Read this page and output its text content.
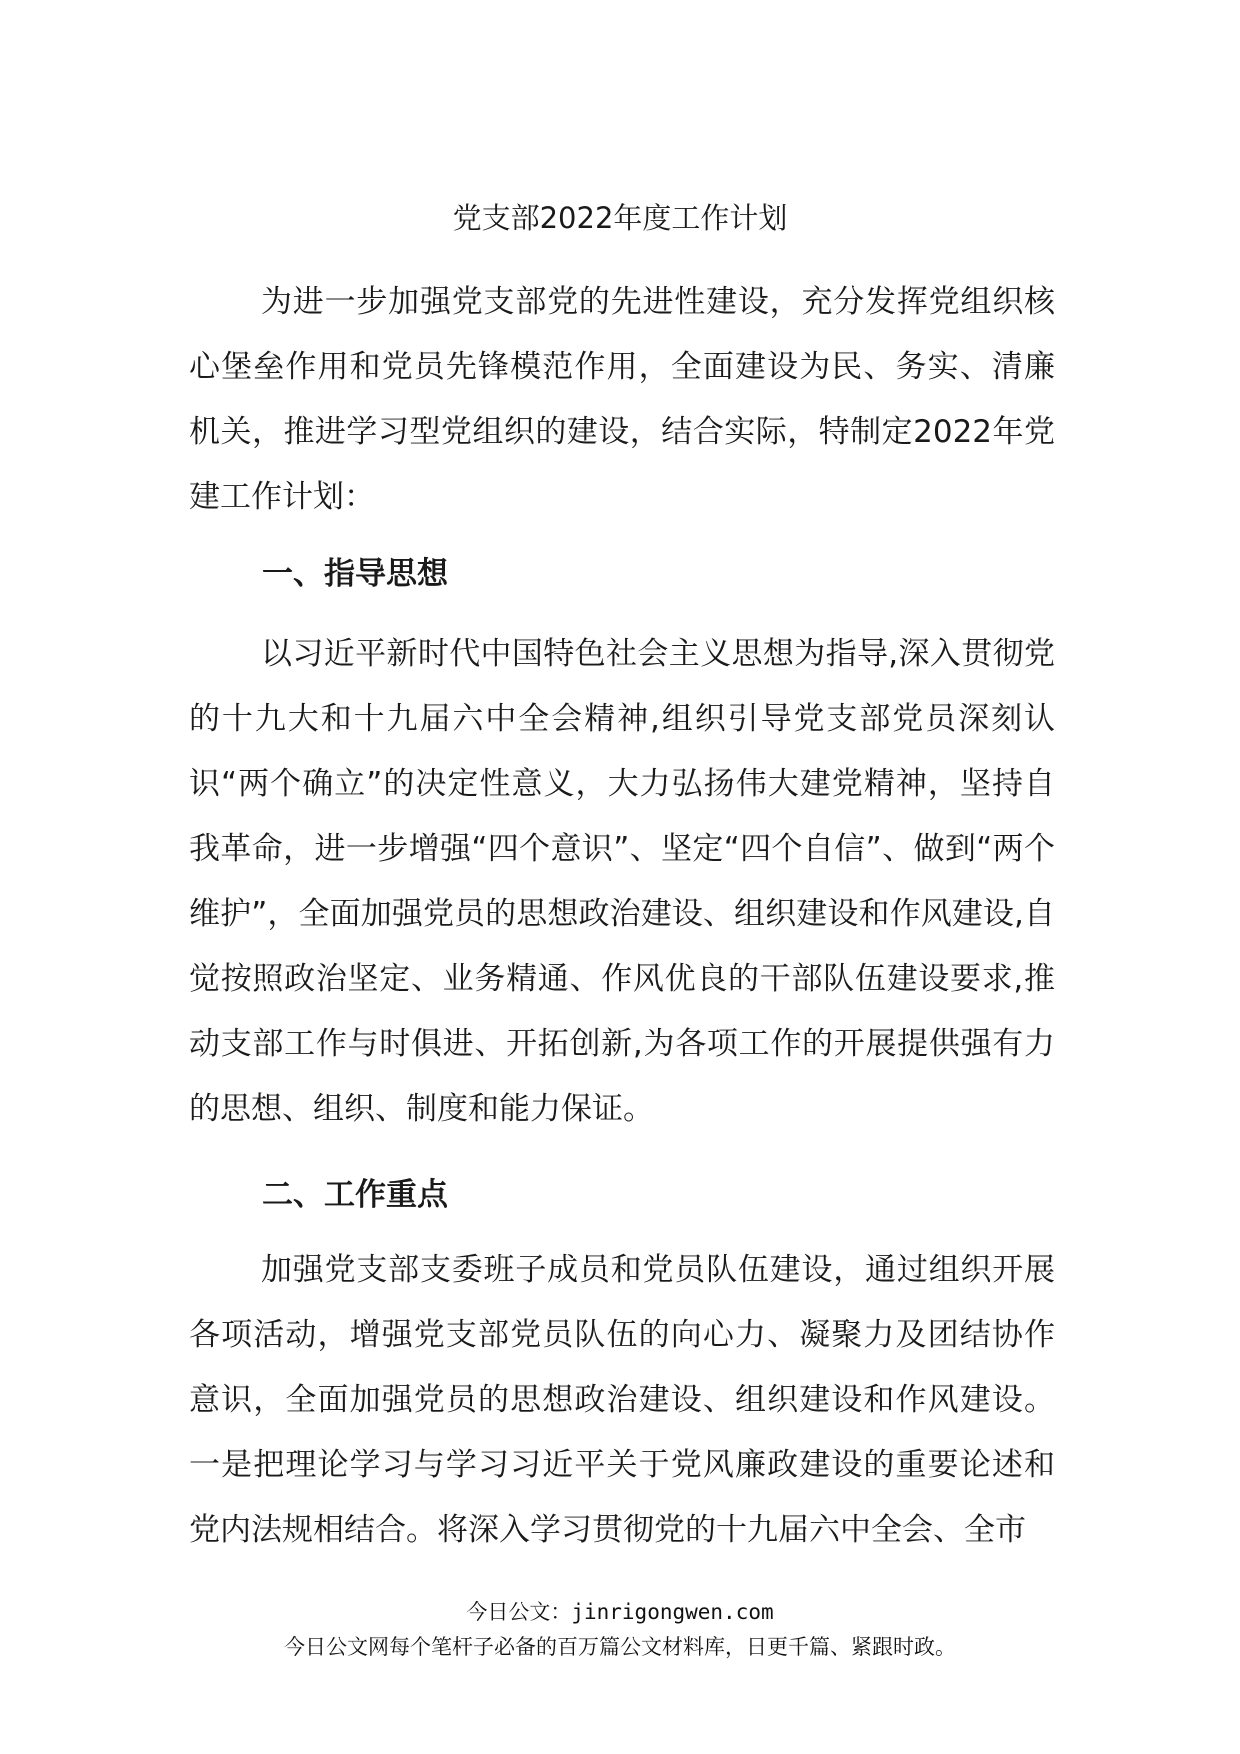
党支部2022年度工作计划

为进一步加强党支部党的先进性建设，充分发挥党组织核心堡垒作用和党员先锋模范作用，全面建设为民、务实、清廉机关，推进学习型党组织的建设，结合实际，特制定2022年党建工作计划：

一、指导思想

以习近平新时代中国特色社会主义思想为指导,深入贯彻党的十九大和十九届六中全会精神,组织引导党支部党员深刻认识“两个确立”的决定性意义，大力弘扬伟大建党精神，坚持自我革命，进一步增强“四个意识”、坚定“四个自信”、做到“两个维护”，全面加强党员的思想政治建设、组织建设和作风建设,自觉按照政治坚定、业务精通、作风优良的干部队伍建设要求,推动支部工作与时俱进、开拓创新,为各项工作的开展提供强有力的思想、组织、制度和能力保证。

二、工作重点

加强党支部支委班子成员和党员队伍建设，通过组织开展各项活动，增强党支部党员队伍的向心力、凝聚力及团结协作意识，全面加强党员的思想政治建设、组织建设和作风建设。一是把理论学习与学习习近平关于党风廉政建设的重要论述和党内法规相结合。将深入学习贯彻党的十九届六中全会、全市

今日公文：jinrigongwen.com
今日公文网每个笔杆子必备的百万篇公文材料库，日更千篇、紧跟时政。
